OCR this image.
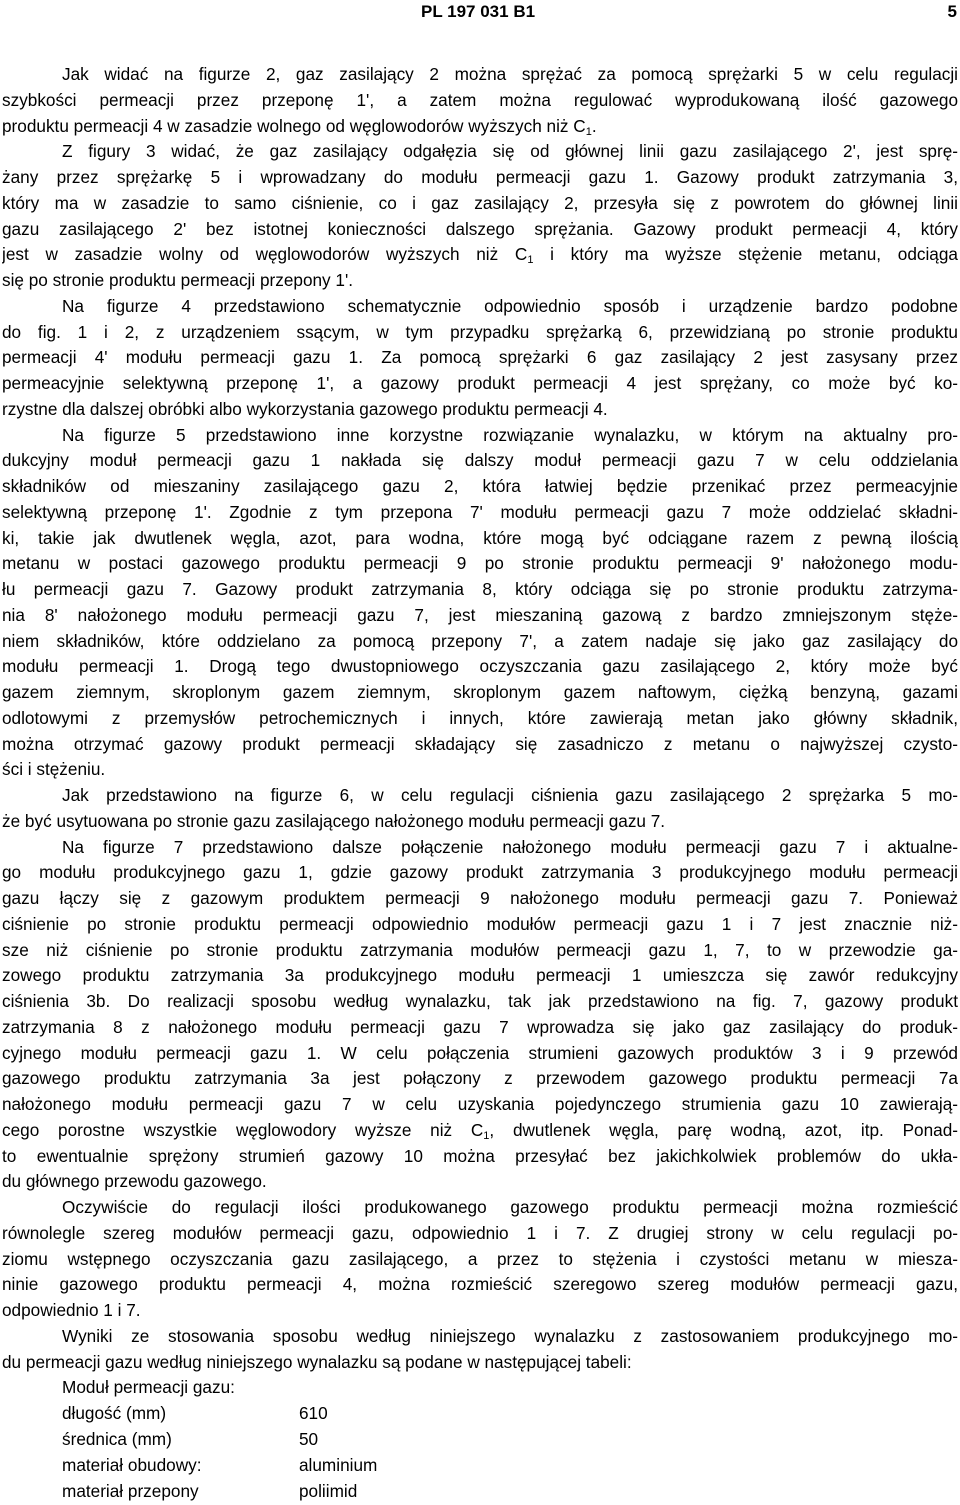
PL 197 031 B1	5
Jak widać na figurze 2, gaz zasilający 2 można sprężać za pomocą sprężarki 5 w celu regulacji
szybkości permeacji przez przeponę 1', a zatem można regulować wyprodukowaną ilość gazowego
produktu permeacji 4 w zasadzie wolnego od węglowodorów wyższych niż $C_1$.
Z figury 3 widać, że gaz zasilający odgałęzia się od głównej linii gazu zasilającego 2', jest sprę-
żany przez sprężarkę 5 i wprowadzany do modułu permeacji gazu 1. Gazowy produkt zatrzymania 3,
który ma w zasadzie to samo ciśnienie, co i gaz zasilający 2, przesyła się z powrotem do głównej linii
gazu zasilającego 2' bez istotnej konieczności dalszego sprężania. Gazowy produkt permeacji 4, który
jest w zasadzie wolny od węglowodorów wyższych niż $C_1$ i który ma wyższe stężenie metanu, odciąga
się po stronie produktu permeacji przepony 1'.
Na figurze 4 przedstawiono schematycznie odpowiednio sposób i urządzenie bardzo podobne
do fig. 1 i 2, z urządzeniem ssącym, w tym przypadku sprężarką 6, przewidzianą po stronie produktu
permeacji 4' modułu permeacji gazu 1. Za pomocą sprężarki 6 gaz zasilający 2 jest zasysany przez
permeacyjnie selektywną przeponę 1', a gazowy produkt permeacji 4 jest sprężany, co może być ko-
rzystne dla dalszej obróbki albo wykorzystania gazowego produktu permeacji 4.
Na figurze 5 przedstawiono inne korzystne rozwiązanie wynalazku, w którym na aktualny pro-
dukcyjny moduł permeacji gazu 1 nakłada się dalszy moduł permeacji gazu 7 w celu oddzielania
składników od mieszaniny zasilającego gazu 2, która łatwiej będzie przenikać przez permeacyjnie
selektywną przeponę 1'. Zgodnie z tym przepona 7' modułu permeacji gazu 7 może oddzielać składni-
ki, takie jak dwutlenek węgla, azot, para wodna, które mogą być odciągane razem z pewną ilością
metanu w postaci gazowego produktu permeacji 9 po stronie produktu permeacji 9' nałożonego modu-
łu permeacji gazu 7. Gazowy produkt zatrzymania 8, który odciąga się po stronie produktu zatrzyma-
nia 8' nałożonego modułu permeacji gazu 7, jest mieszaniną gazową z bardzo zmniejszonym stęże-
niem składników, które oddzielano za pomocą przepony 7', a zatem nadaje się jako gaz zasilający do
modułu permeacji 1. Drogą tego dwustopniowego oczyszczania gazu zasilającego 2, który może być
gazem ziemnym, skroplonym gazem ziemnym, skroplonym gazem naftowym, ciężką benzyną, gazami
odlotowymi z przemysłów petrochemicznych i innych, które zawierają metan jako główny składnik,
można otrzymać gazowy produkt permeacji składający się zasadniczo z metanu o najwyższej czysto-
ści i stężeniu.
Jak przedstawiono na figurze 6, w celu regulacji ciśnienia gazu zasilającego 2 sprężarka 5 mo-
że być usytuowana po stronie gazu zasilającego nałożonego modułu permeacji gazu 7.
Na figurze 7 przedstawiono dalsze połączenie nałożonego modułu permeacji gazu 7 i aktualne-
go modułu produkcyjnego gazu 1, gdzie gazowy produkt zatrzymania 3 produkcyjnego modułu permeacji
gazu łączy się z gazowym produktem permeacji 9 nałożonego modułu permeacji gazu 7. Ponieważ
ciśnienie po stronie produktu permeacji odpowiednio modułów permeacji gazu 1 i 7 jest znacznie niż-
sze niż ciśnienie po stronie produktu zatrzymania modułów permeacji gazu 1, 7, to w przewodzie ga-
zowego produktu zatrzymania 3a produkcyjnego modułu permeacji 1 umieszcza się zawór redukcyjny
ciśnienia 3b. Do realizacji sposobu według wynalazku, tak jak przedstawiono na fig. 7, gazowy produkt
zatrzymania 8 z nałożonego modułu permeacji gazu 7 wprowadza się jako gaz zasilający do produk-
cyjnego modułu permeacji gazu 1. W celu połączenia strumieni gazowych produktów 3 i 9 przewód
gazowego produktu zatrzymania 3a jest połączony z przewodem gazowego produktu permeacji 7a
nałożonego modułu permeacji gazu 7 w celu uzyskania pojedynczego strumienia gazu 10 zawierają-
cego porostne wszystkie węglowodory wyższe niż $C_1$, dwutlenek węgla, parę wodną, azot, itp. Ponad-
to ewentualnie sprężony strumień gazowy 10 można przesyłać bez jakichkolwiek problemów do ukła-
du głównego przewodu gazowego.
Oczywiście do regulacji ilości produkowanego gazowego produktu permeacji można rozmieścić
równolegle szereg modułów permeacji gazu, odpowiednio 1 i 7. Z drugiej strony w celu regulacji po-
ziomu wstępnego oczyszczania gazu zasilającego, a przez to stężenia i czystości metanu w miesza-
ninie gazowego produktu permeacji 4, można rozmieścić szeregowo szereg modułów permeacji gazu,
odpowiednio 1 i 7.
Wyniki ze stosowania sposobu według niniejszego wynalazku z zastosowaniem produkcyjnego mo-
du permeacji gazu według niniejszego wynalazku są podane w następującej tabeli:
Moduł permeacji gazu:
długość (mm)	610
średnica (mm)	50
materiał obudowy:	aluminium
materiał przepony	poliimid
